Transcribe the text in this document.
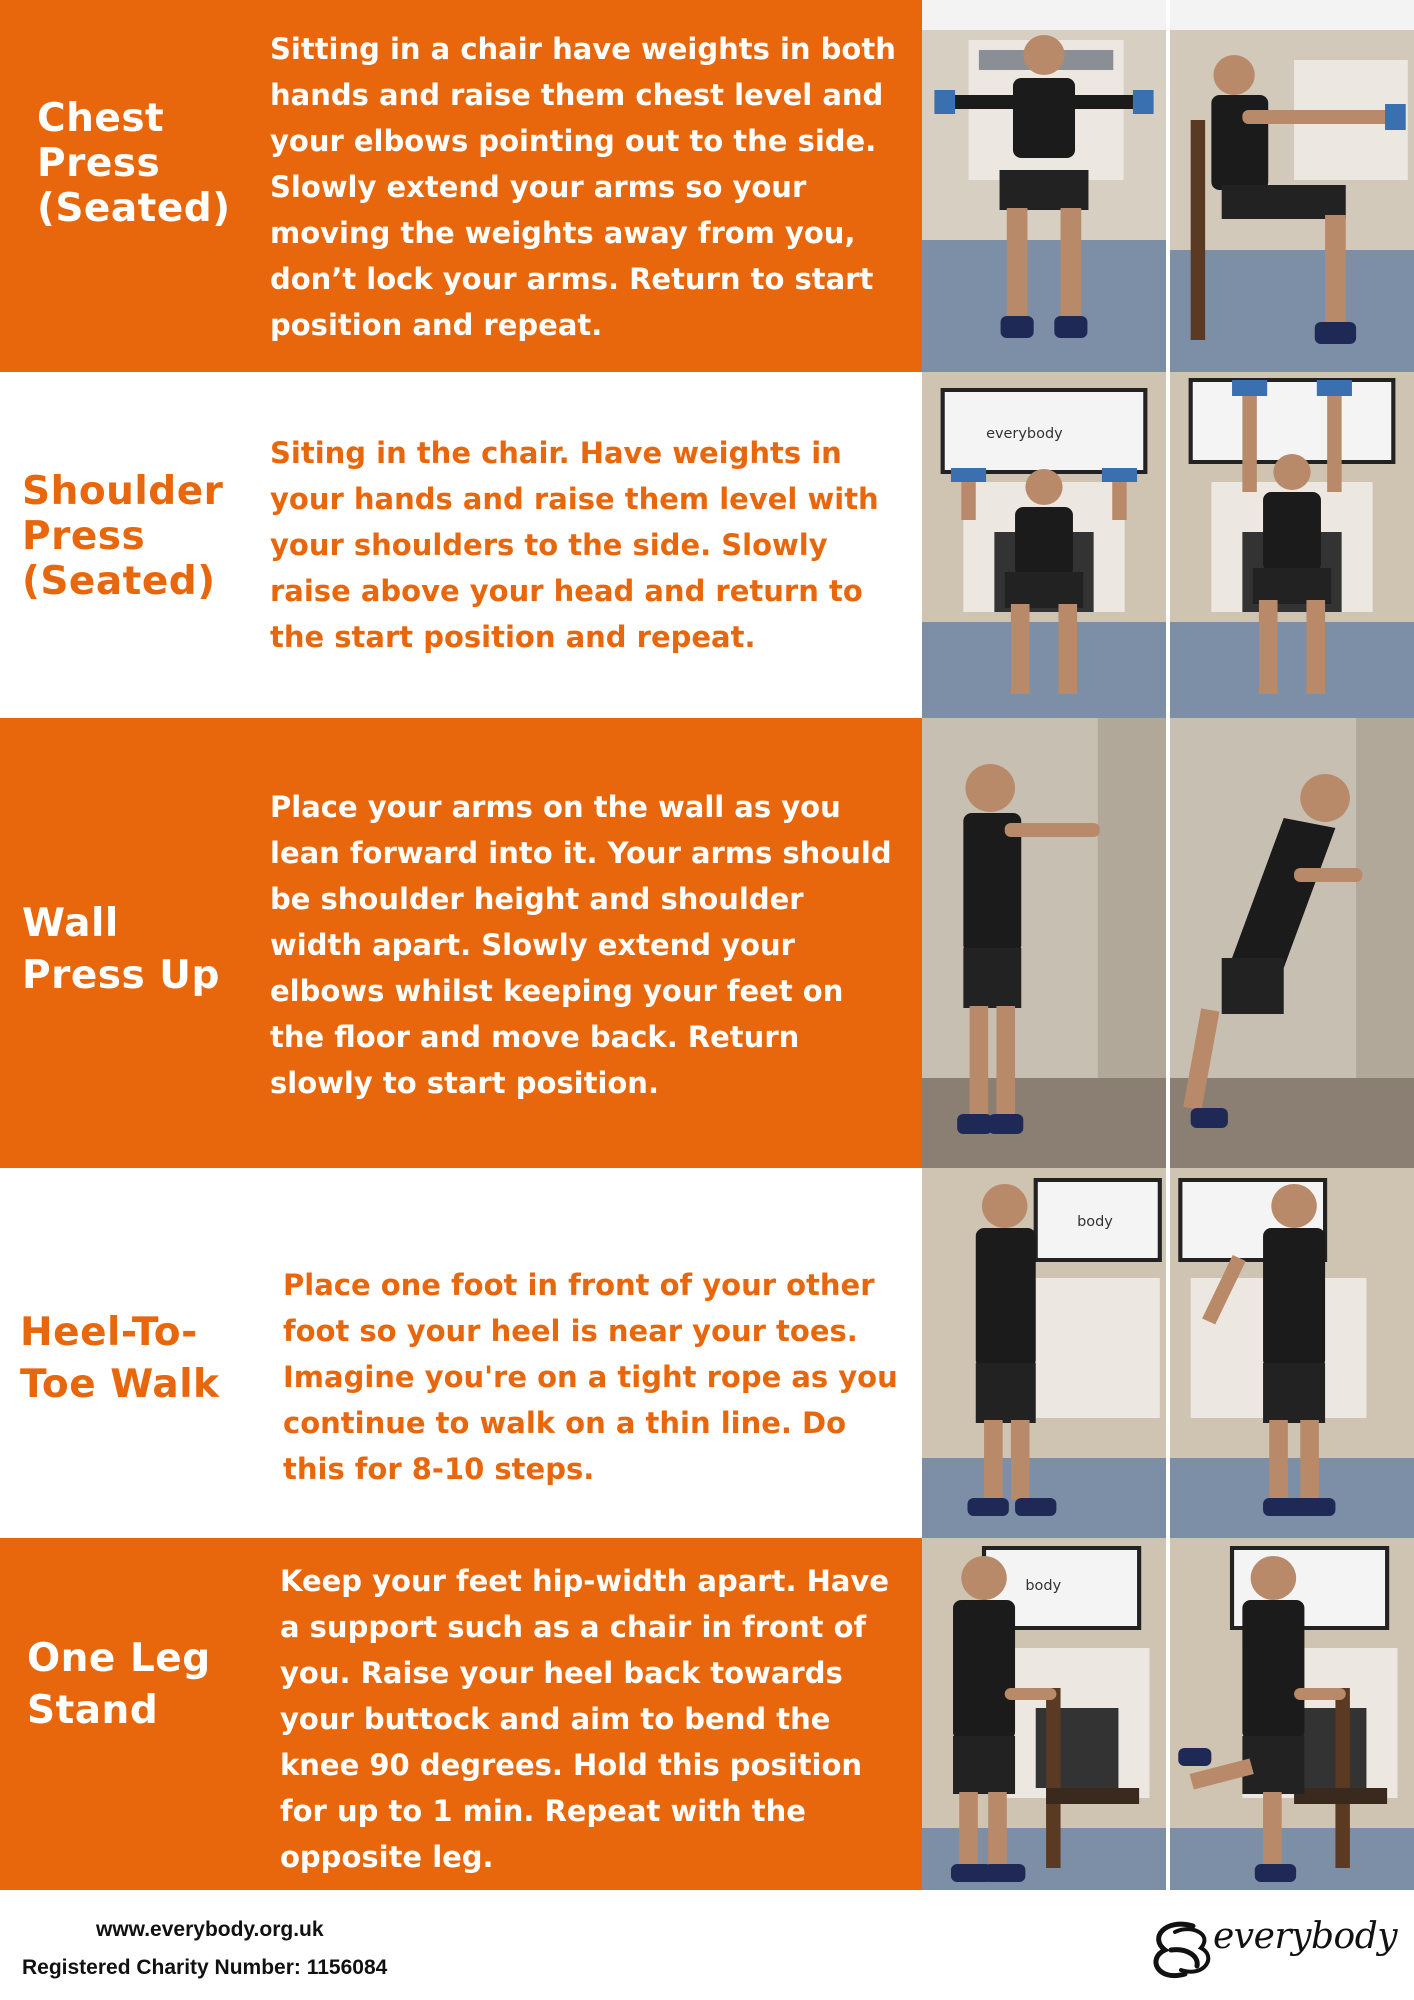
Chest
Press
(Seated)
Sitting in a chair have weights in both hands and raise them chest level and your elbows pointing out to the side. Slowly extend your arms so your moving the weights away from you, don’t lock your arms. Return to start position and repeat.
Shoulder
Press
(Seated)
Siting in the chair. Have weights in your hands and raise them level with your shoulders to the side. Slowly raise above your head and return to the start position and repeat.
everybody
Wall
Press Up
Place your arms on the wall as you lean forward into it. Your arms should be shoulder height and shoulder width apart. Slowly extend your elbows whilst keeping your feet on the floor and move back. Return slowly to start position.
Heel-To-
Toe Walk
Place one foot in front of your other foot so your heel is near your toes. Imagine you're on a tight rope as you continue to walk on a thin line. Do this for 8-10 steps.
body
One Leg
Stand
Keep your feet hip-width apart. Have a support such as a chair in front of you. Raise your heel back towards your buttock and aim to bend the knee 90 degrees. Hold this position for up to 1 min. Repeat with the opposite leg.
body
www.everybody.org.uk
Registered Charity Number: 1156084
everybody
